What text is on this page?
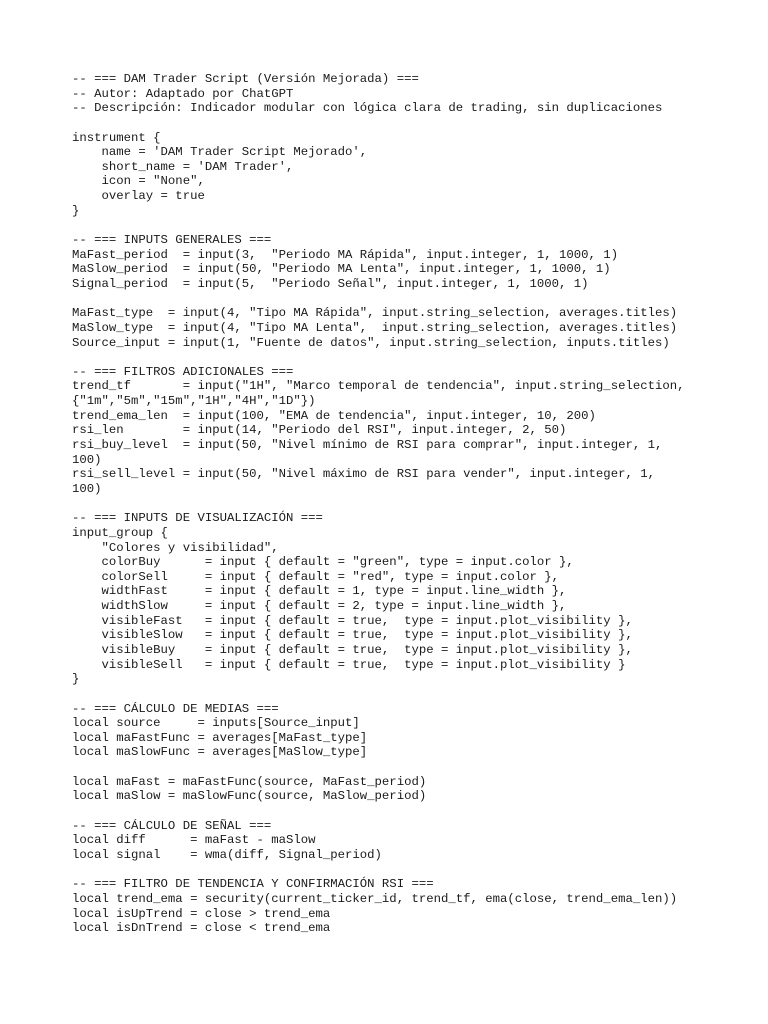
-- === DAM Trader Script (Versión Mejorada) ===
-- Autor: Adaptado por ChatGPT
-- Descripción: Indicador modular con lógica clara de trading, sin duplicaciones
instrument {
name = 'DAM Trader Script Mejorado',
short_name = 'DAM Trader',
icon = "None",
overlay = true
}
-- === INPUTS GENERALES ===
MaFast_period  = input(3,  "Periodo MA Rápida", input.integer, 1, 1000, 1)
MaSlow_period  = input(50, "Periodo MA Lenta", input.integer, 1, 1000, 1)
Signal_period  = input(5,  "Periodo Señal", input.integer, 1, 1000, 1)
MaFast_type  = input(4, "Tipo MA Rápida", input.string_selection, averages.titles)
MaSlow_type  = input(4, "Tipo MA Lenta",  input.string_selection, averages.titles)
Source_input = input(1, "Fuente de datos", input.string_selection, inputs.titles)
-- === FILTROS ADICIONALES ===
trend_tf       = input("1H", "Marco temporal de tendencia", input.string_selection,
{"1m","5m","15m","1H","4H","1D"})
trend_ema_len  = input(100, "EMA de tendencia", input.integer, 10, 200)
rsi_len        = input(14, "Periodo del RSI", input.integer, 2, 50)
rsi_buy_level  = input(50, "Nivel mínimo de RSI para comprar", input.integer, 1,
100)
rsi_sell_level = input(50, "Nivel máximo de RSI para vender", input.integer, 1,
100)
-- === INPUTS DE VISUALIZACIÓN ===
input_group {
"Colores y visibilidad",
colorBuy      = input { default = "green", type = input.color },
colorSell     = input { default = "red", type = input.color },
widthFast     = input { default = 1, type = input.line_width },
widthSlow     = input { default = 2, type = input.line_width },
visibleFast   = input { default = true,  type = input.plot_visibility },
visibleSlow   = input { default = true,  type = input.plot_visibility },
visibleBuy    = input { default = true,  type = input.plot_visibility },
visibleSell   = input { default = true,  type = input.plot_visibility }
}
-- === CÁLCULO DE MEDIAS ===
local source     = inputs[Source_input]
local maFastFunc = averages[MaFast_type]
local maSlowFunc = averages[MaSlow_type]
local maFast = maFastFunc(source, MaFast_period)
local maSlow = maSlowFunc(source, MaSlow_period)
-- === CÁLCULO DE SEÑAL ===
local diff      = maFast - maSlow
local signal    = wma(diff, Signal_period)
-- === FILTRO DE TENDENCIA Y CONFIRMACIÓN RSI ===
local trend_ema = security(current_ticker_id, trend_tf, ema(close, trend_ema_len))
local isUpTrend = close > trend_ema
local isDnTrend = close < trend_ema
